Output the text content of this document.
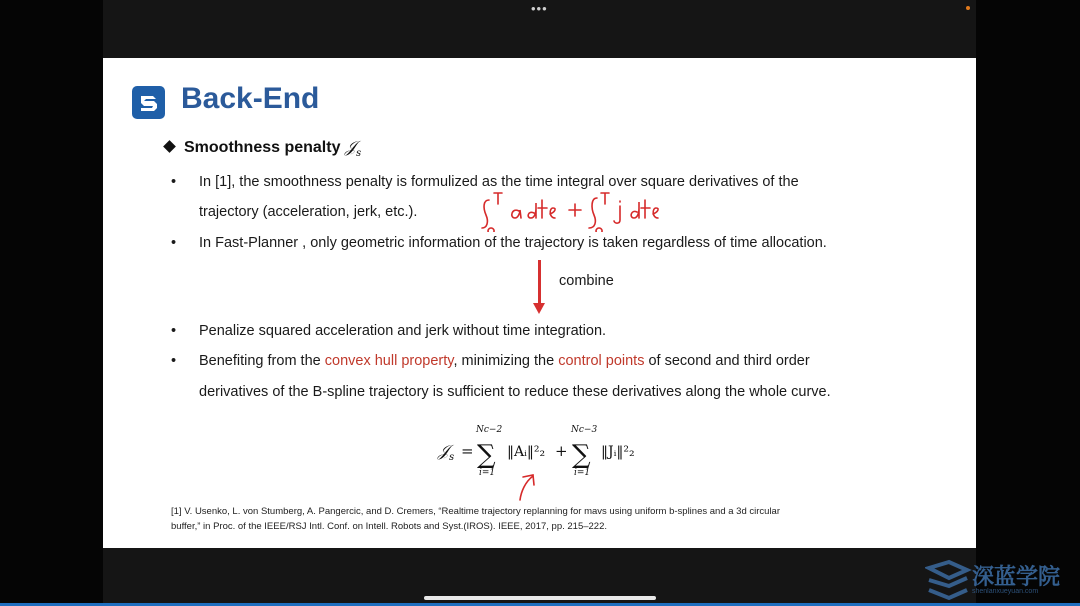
•••
Back-End
Smoothness penalty 𝒥$_s$
• In [1], the smoothness penalty is formulized as the time integral over square derivatives of the
trajectory (acceleration, jerk, etc.).
• In Fast-Planner , only geometric information of the trajectory is taken regardless of time allocation.
combine
• Penalize squared acceleration and jerk without time integration.
• Benefiting from the convex hull property, minimizing the control points of second and third order
derivatives of the B-spline trajectory is sufficient to reduce these derivatives along the whole curve.
𝒥 s =
Nc−2
∑
i=1
‖Aᵢ‖²₂ +
Nc−3
∑
i=1
‖Jᵢ‖²₂
[1] V. Usenko, L. von Stumberg, A. Pangercic, and D. Cremers, “Realtime trajectory replanning for mavs using uniform b-splines and a 3d circular
buffer,” in Proc. of the IEEE/RSJ Intl. Conf. on Intell. Robots and Syst.(IROS). IEEE, 2017, pp. 215–222.
深蓝学院
shenlanxueyuan.com
